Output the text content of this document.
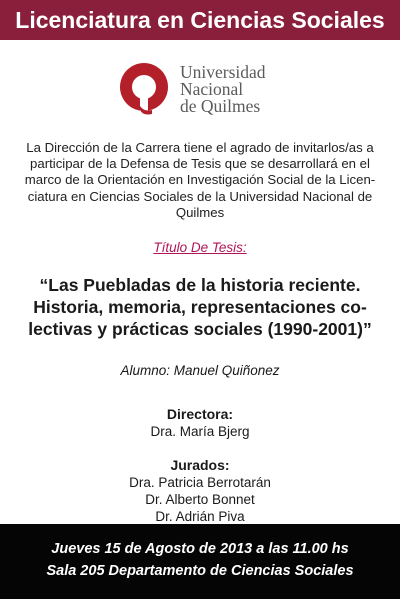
Licenciatura en Ciencias Sociales
Universidad
Nacional
de Quilmes
La Dirección de la Carrera tiene el agrado de invitarlos/as a
participar de la Defensa de Tesis que se desarrollará en el
marco de la Orientación en Investigación Social de la Licen-
ciatura en Ciencias Sociales de la Universidad Nacional de
Quilmes
Título De Tesis:
“Las Puebladas de la historia reciente.
Historia, memoria, representaciones co-
lectivas y prácticas sociales (1990-2001)”
Alumno: Manuel Quiñonez
Directora:
Dra. María Bjerg
Jurados:
Dra. Patricia Berrotarán
Dr. Alberto Bonnet
Dr. Adrián Piva
Jueves 15 de Agosto de 2013 a las 11.00 hs
Sala 205 Departamento de Ciencias Sociales
